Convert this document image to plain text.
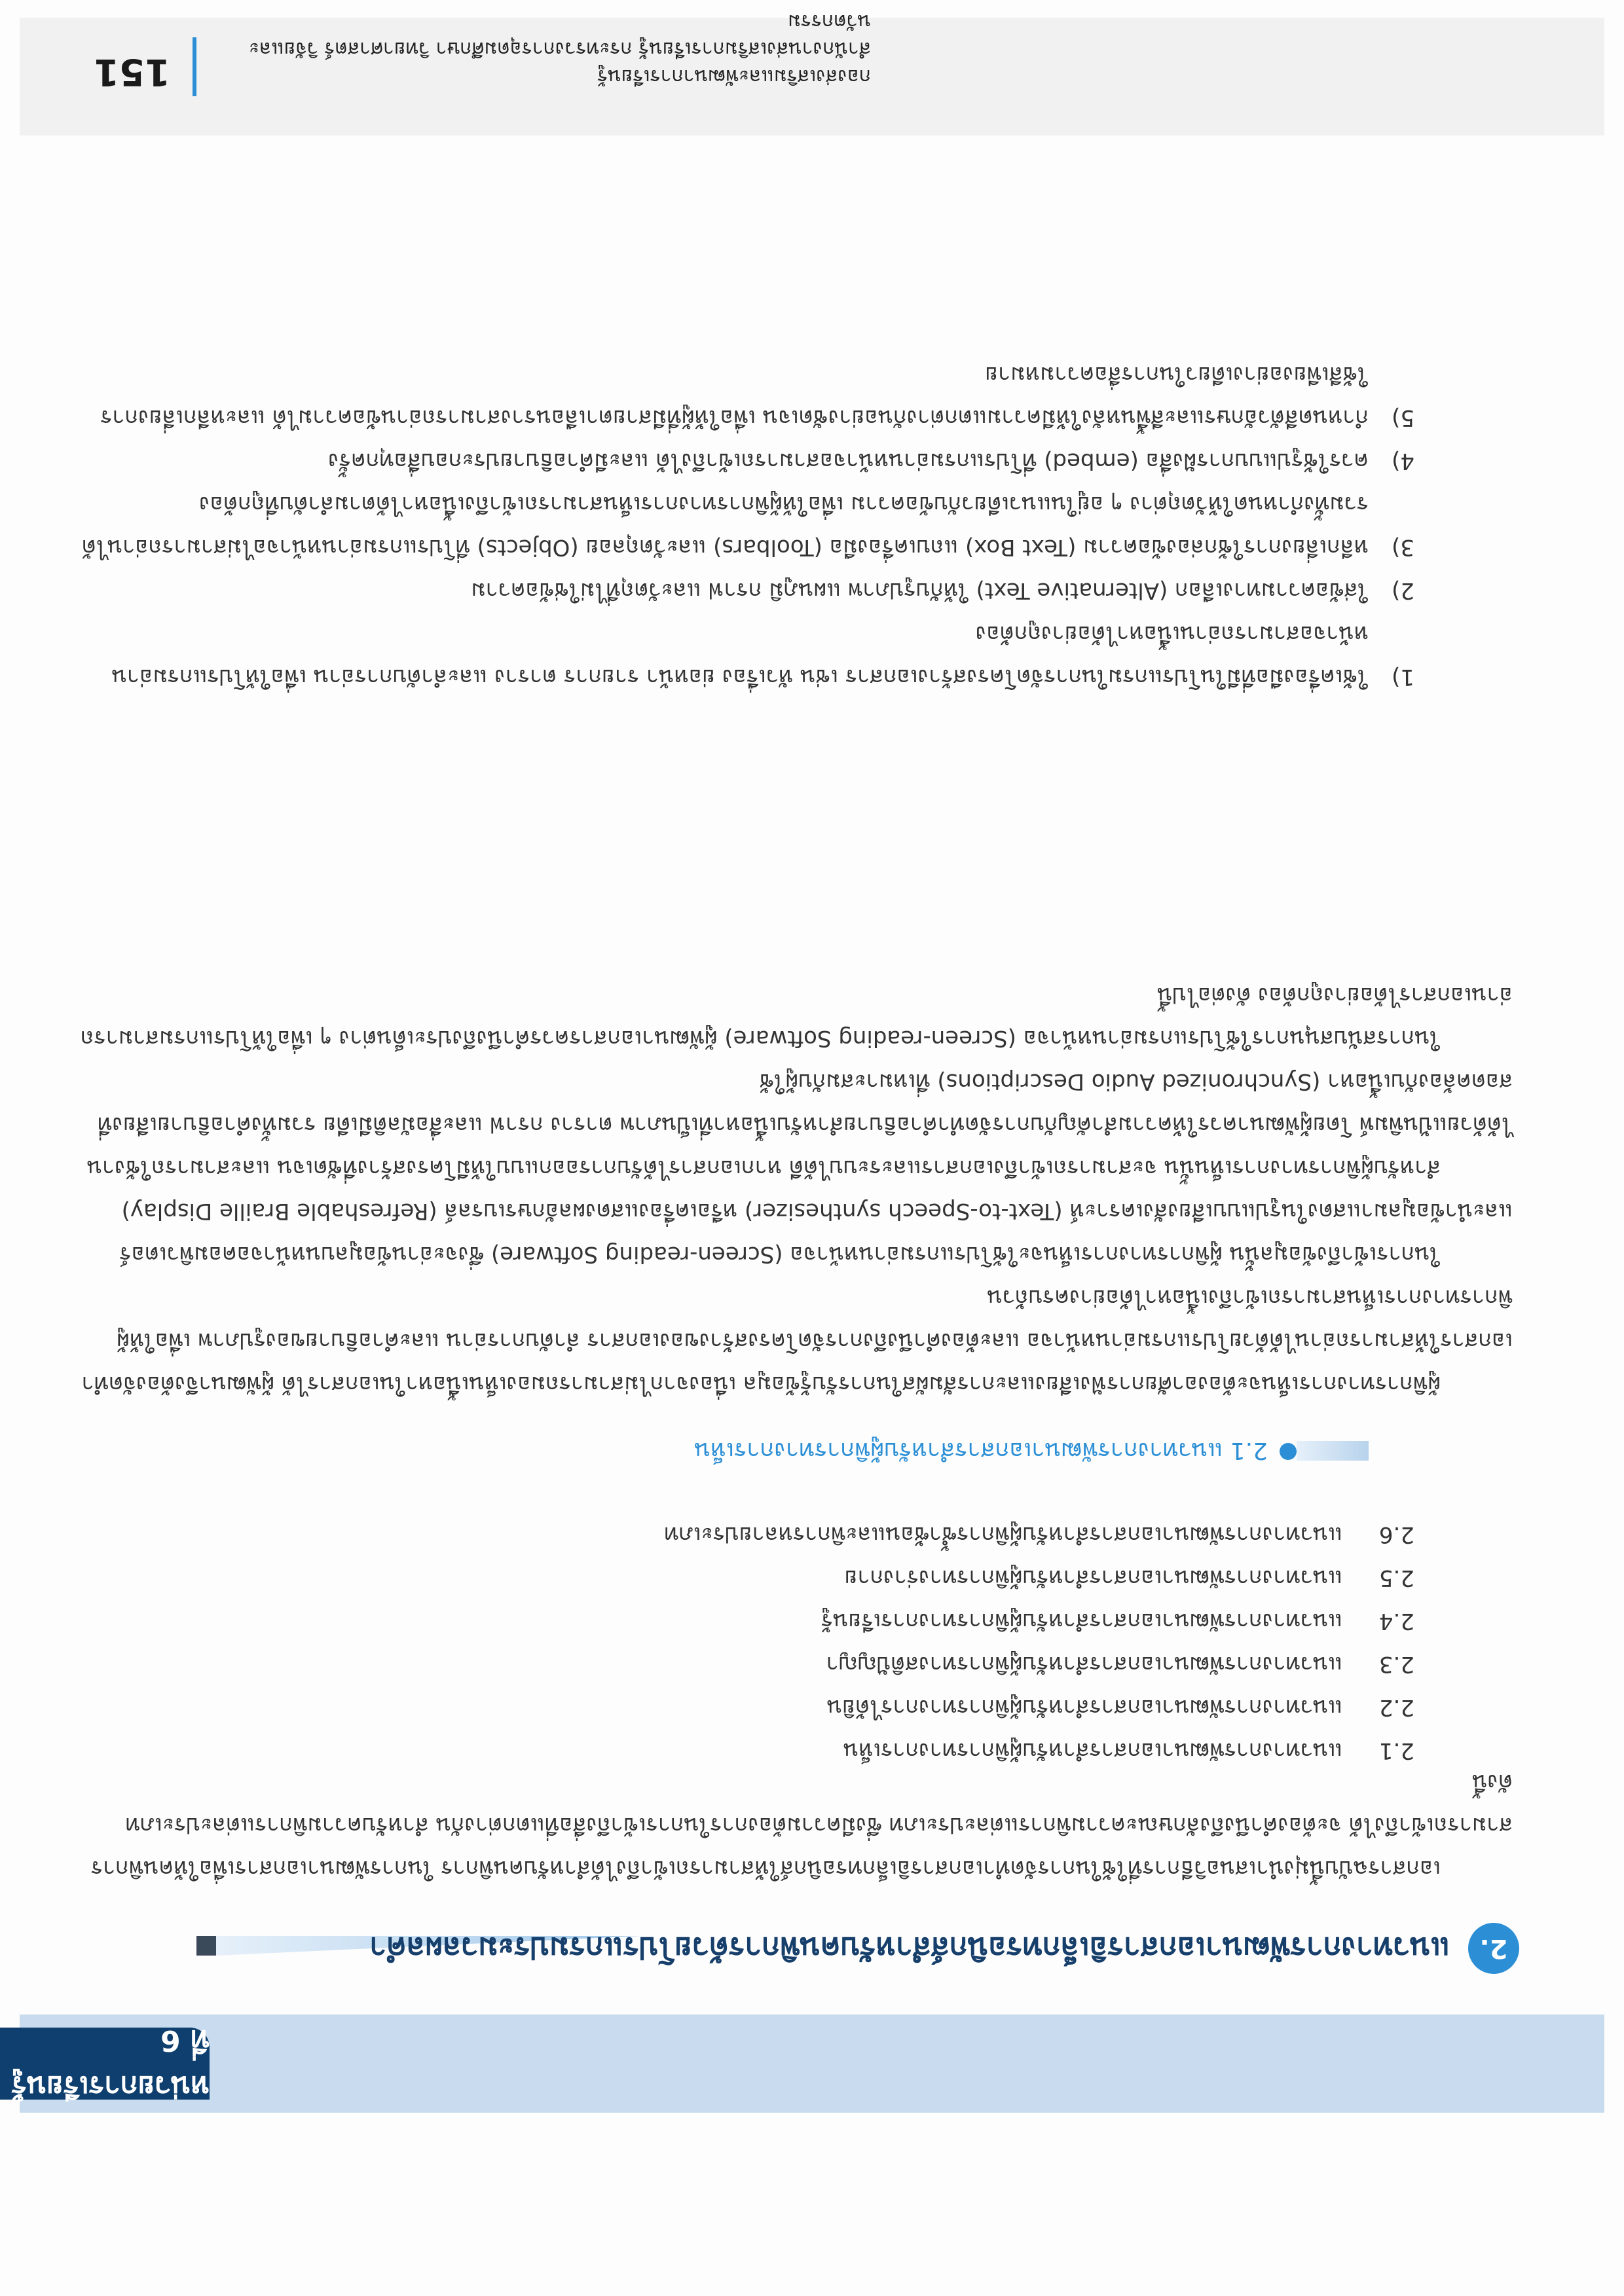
หน่วยการเรียนรู้ที่ 6
2.
แนวทางการพัฒนาเอกสารอิเล็กทรอนิกส์สำหรับคนพิการด้วยโปรแกรมประมวลผลคำ

เอกสารฉบับนี้มุ่งนำเสนอวิธีการที่ใช้ในการจัดทำเอกสารอิเล็กทรอนิกส์ให้สามารถเข้าถึงได้สำหรับคนพิการ ในการพัฒนาเอกสารเพื่อให้คนพิการสามารถเข้าถึงได้ จะต้องคำนึงถึงลักษณะความพิการแต่ละประเภท ซึ่งมีความต้องการในการเข้าถึงสื่อที่แตกต่างกัน สำหรับความพิการแต่ละประเภท ดังนี้

2.1
แนวทางการพัฒนาเอกสารสำหรับผู้พิการทางการเห็น
2.2
แนวทางการพัฒนาเอกสารสำหรับผู้พิการทางการได้ยิน
2.3
แนวทางการพัฒนาเอกสารสำหรับผู้พิการทางสติปัญญา
2.4
แนวทางการพัฒนาเอกสารสำหรับผู้พิการทางการเรียนรู้
2.5
แนวทางการพัฒนาเอกสารสำหรับผู้พิการทางร่างกาย
2.6
แนวทางการพัฒนาเอกสารสำหรับผู้พิการซ้ำซ้อนและพิการหลายประเภท
2.1 แนวทางการพัฒนาเอกสารสำหรับผู้พิการทางการเห็น

ผู้พิการทางการเห็นจะต้องอาศัยการฟังเสียงและการสัมผัสในการรับรู้ข้อมูล เนื่องจากไม่สามารถมองเห็นเนื้อหาในเอกสารได้ ผู้พัฒนาจึงต้องจัดทำเอกสารให้สามารถอ่านได้ด้วยโปรแกรมอ่านหน้าจอ และต้องคำนึงถึงการจัดโครงสร้างของเอกสาร ลำดับการอ่าน และคำอธิบายของรูปภาพ เพื่อให้ผู้พิการทางการเห็นสามารถเข้าถึงเนื้อหาได้อย่างครบถ้วน

ในการเข้าถึงข้อมูลนั้น ผู้พิการทางการเห็นจะใช้โปรแกรมอ่านหน้าจอ (Screen-reading Software) ซึ่งจะอ่านข้อมูลบนหน้าจอคอมพิวเตอร์ และนำข้อมูลมาแสดงในรูปแบบเสียงสังเคราะห์ (Text-to-Speech synthesizer) หรือเครื่องแสดงผลอักษรเบรลล์ (Refreshable Braille Display)

สำหรับผู้พิการทางการเห็นนั้น จะสามารถเข้าถึงเอกสารและระบบได้ดี หากเอกสารได้รับการออกแบบให้มีโครงสร้างที่ชัดเจน และสามารถใช้งานได้ด้วยแป้นพิมพ์ โดยผู้พัฒนาควรให้ความสำคัญกับการจัดทำคำอธิบายสำหรับเนื้อหาที่เป็นภาพ ตาราง กราฟ และสื่อมัลติมีเดีย รวมทั้งคำอธิบายเสียงที่สอดคล้องกับเนื้อหา (Synchronized Audio Descriptions) ที่เหมาะสมกับผู้ใช้

ในการสนับสนุนการใช้โปรแกรมอ่านหน้าจอ (Screen-reading Software) ผู้พัฒนาเอกสารควรคำนึงถึงประเด็นต่าง ๆ เพื่อให้โปรแกรมสามารถอ่านเอกสารได้อย่างถูกต้อง ดังต่อไปนี้

1)
ใช้เครื่องมือที่มีในโปรแกรมในการจัดโครงสร้างเอกสาร เช่น หัวเรื่อง ย่อหน้า รายการ ตาราง และลำดับการอ่าน เพื่อให้โปรแกรมอ่านหน้าจอสามารถอ่านเนื้อหาได้อย่างถูกต้อง
2)
ใส่ข้อความทางเลือก (Alternative Text) ให้กับรูปภาพ แผนภูมิ กราฟ และวัตถุที่ไม่ใช่ข้อความ
3)
หลีกเลี่ยงการใช้กล่องข้อความ (Text Box) แถบเครื่องมือ (Toolbars) และวัตถุลอย (Objects) ที่โปรแกรมอ่านหน้าจอไม่สามารถอ่านได้ รวมทั้งกำหนดให้วัตถุต่าง ๆ อยู่ในแนวเดียวกับข้อความ เพื่อให้ผู้พิการทางการเห็นสามารถเข้าถึงเนื้อหาได้ตามลำดับที่ถูกต้อง
4)
ควรใช้รูปแบบการฝังสื่อ (embed) ที่โปรแกรมอ่านหน้าจอสามารถเข้าถึงได้ และมีคำอธิบายประกอบสื่อทุกครั้ง
5)
กำหนดสีตัวอักษรและสีพื้นหลังให้มีความแตกต่างกันอย่างชัดเจน เพื่อให้ผู้ที่มีสายตาเลือนรางสามารถอ่านข้อความได้ และหลีกเลี่ยงการใช้สีเพียงอย่างเดียวในการสื่อความหมาย
กองส่งเสริมและพัฒนาการเรียนรู้
สำนักงานส่งเสริมการเรียนรู้ กระทรวงการอุดมศึกษา วิทยาศาสตร์ วิจัยและนวัตกรรม
151
